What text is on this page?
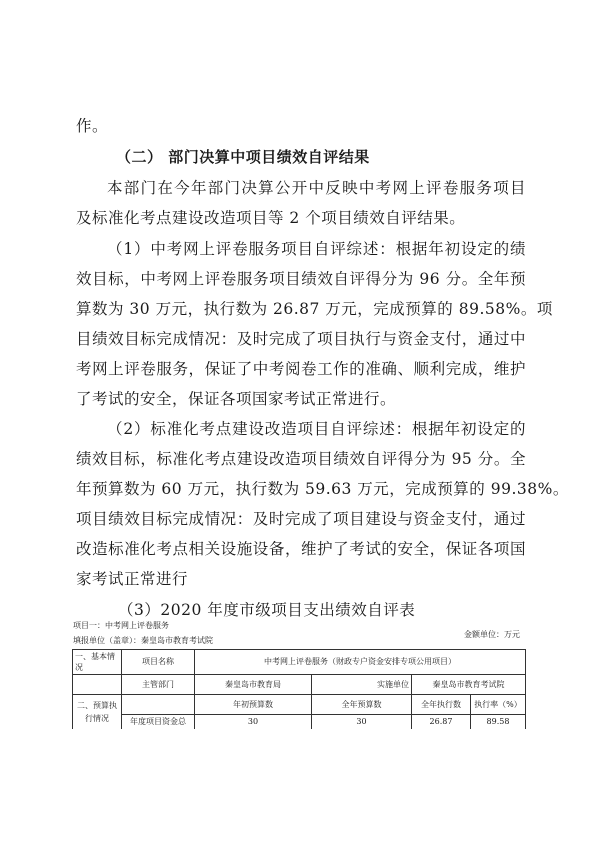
作。
（二） 部门决算中项目绩效自评结果
本部门在今年部门决算公开中反映中考网上评卷服务项目
及标准化考点建设改造项目等 2 个项目绩效自评结果。
（1）中考网上评卷服务项目自评综述：根据年初设定的绩
效目标，中考网上评卷服务项目绩效自评得分为 96 分。全年预
算数为 30 万元，执行数为 26.87 万元，完成预算的 89.58%。项
目绩效目标完成情况：及时完成了项目执行与资金支付，通过中
考网上评卷服务，保证了中考阅卷工作的准确、顺利完成，维护
了考试的安全，保证各项国家考试正常进行。
（2）标准化考点建设改造项目自评综述：根据年初设定的
绩效目标，标准化考点建设改造项目绩效自评得分为 95 分。全
年预算数为 60 万元，执行数为 59.63 万元，完成预算的 99.38%。
项目绩效目标完成情况：及时完成了项目建设与资金支付，通过
改造标准化考点相关设施设备，维护了考试的安全，保证各项国
家考试正常进行
（3）2020 年度市级项目支出绩效自评表
项目一：中考网上评卷服务
填报单位（盖章）：秦皇岛市教育考试院
金额单位：万元
一、基本情况	项目名称	中考网上评卷服务（财政专户资金安排专项公用项目）			
	主管部门	秦皇岛市教育局	实施单位	秦皇岛市教育考试院	
二、预算执行情况		年初预算数	全年预算数	全年执行数	执行率（%）
	年度项目资金总	30	30	26.87	89.58
